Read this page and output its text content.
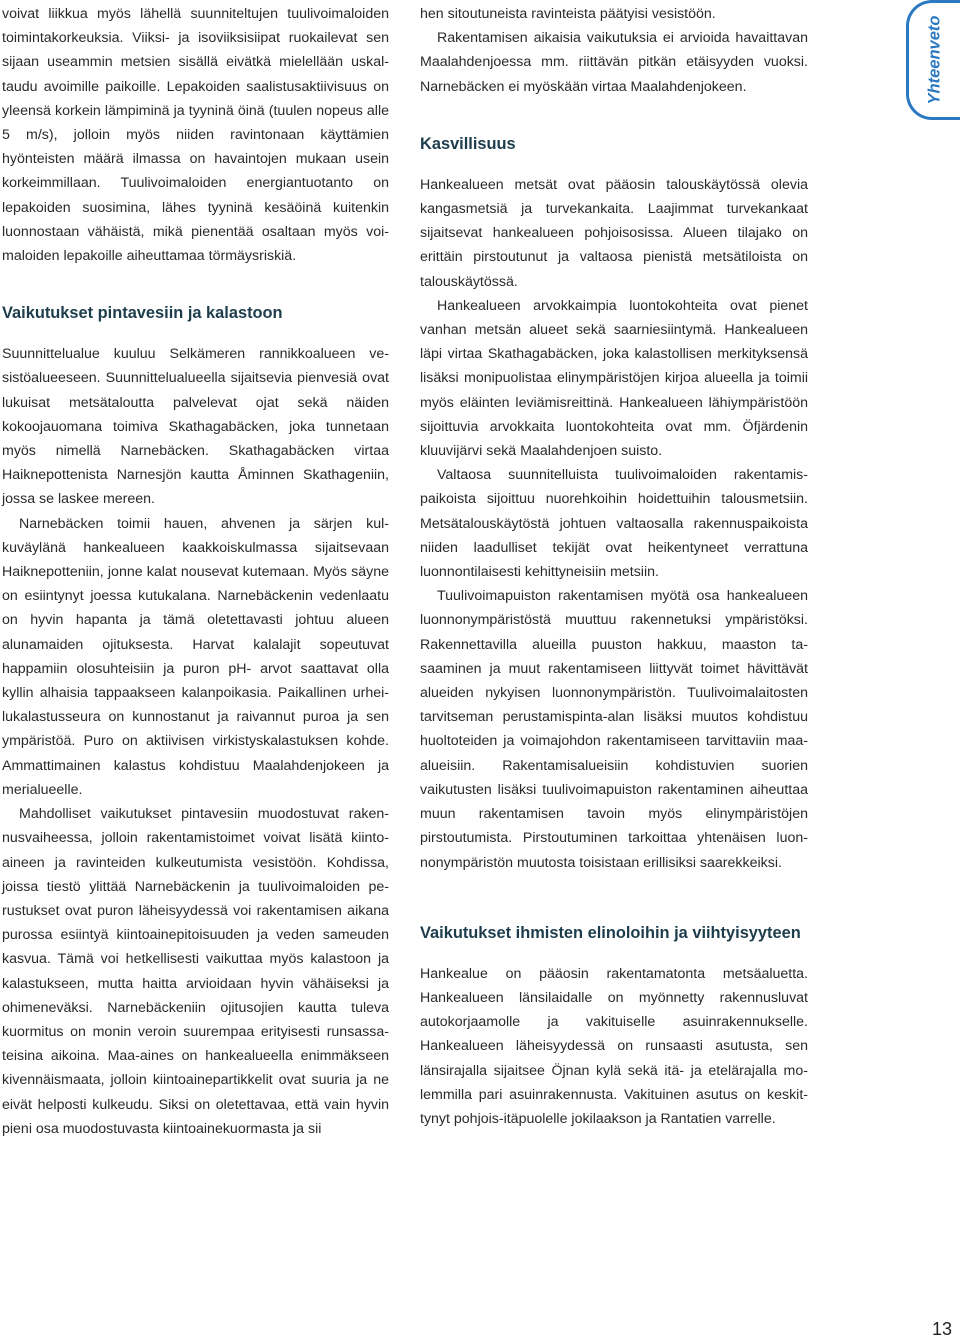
voivat liikkua myös lähellä suunniteltujen tuulivoimaloiden toimintakorkeuksia. Viiksi- ja isoviiksisiipat ruokailevat sen sijaan useammin metsien sisällä eivätkä mielellään uskaltaudu avoimille paikoille. Lepakoiden saalistusaktiivisuus on yleensä korkein lämpiminä ja tyyninä öinä (tuulen nopeus alle 5 m/s), jolloin myös niiden ravintonaan käyttämien hyönteisten määrä ilmassa on havaintojen mukaan usein korkeimmillaan. Tuulivoimaloiden energiantuotanto on lepakoiden suosimina, lähes tyyninä kesäöinä kuitenkin luonnostaan vähäistä, mikä pienentää osaltaan myös voimaloiden lepakoille aiheuttamaa törmäysriskiä.

Vaikutukset pintavesiin ja kalastoon

Suunnittelualue kuuluu Selkämeren rannikkoalueen vesistöalueeseen. Suunnittelualueella sijaitsevia pienvesiä ovat lukuisat metsätaloutta palvelevat ojat sekä näiden kokoojauomana toimiva Skathagabäcken, joka tunnetaan myös nimellä Narnebäcken. Skathagabäcken virtaa Haiknepottenista Narnesjön kautta Åminnen Skathageniin, jossa se laskee mereen.

Narnebäcken toimii hauen, ahvenen ja särjen kulkuväylänä hankealueen kaakkoiskulmassa sijaitsevaan Haiknepotteniin, jonne kalat nousevat kutemaan. Myös säyne on esiintynyt joessa kutukalana. Narnebäckenin vedenlaatu on hyvin hapanta ja tämä oletettavasti johtuu alueen alunamaiden ojituksesta. Harvat kalalajit sopeutuvat happamiin olosuhteisiin ja puron pH- arvot saattavat olla kyllin alhaisia tappaakseen kalanpoikasia. Paikallinen urheilukalastusseura on kunnostanut ja raivannut puroa ja sen ympäristöä. Puro on aktiivisen virkistyskalastuksen kohde. Ammattimainen kalastus kohdistuu Maalahdenjokeen ja merialueelle.

Mahdolliset vaikutukset pintavesiin muodostuvat rakennusvaiheessa, jolloin rakentamistoimet voivat lisätä kiintoaineen ja ravinteiden kulkeutumista vesistöön. Kohdissa, joissa tiestö ylittää Narnebäckenin ja tuulivoimaloiden perustukset ovat puron läheisyydessä voi rakentamisen aikana purossa esiintyä kiintoainepitoisuuden ja veden sameuden kasvua. Tämä voi hetkellisesti vaikuttaa myös kalastoon ja kalastukseen, mutta haitta arvioidaan hyvin vähäiseksi ja ohimeneväksi. Narnebäckeniin ojitusojien kautta tuleva kuormitus on monin veroin suurempaa erityisesti runsassateisina aikoina. Maa-aines on hankealueella enimmäkseen kivennäismaata, jolloin kiintoainepartikkelit ovat suuria ja ne eivät helposti kulkeudu. Siksi on oletettavaa, että vain hyvin pieni osa muodostuvasta kiintoainekuormasta ja sii

hen sitoutuneista ravinteista päätyisi vesistöön.

Rakentamisen aikaisia vaikutuksia ei arvioida havaittavan Maalahdenjoessa mm. riittävän pitkän etäisyyden vuoksi. Narnebäcken ei myöskään virtaa Maalahdenjokeen.

Kasvillisuus

Hankealueen metsät ovat pääosin talouskäytössä olevia kangasmetsiä ja turvekankaita. Laajimmat turvekankaat sijaitsevat hankealueen pohjoisosissa. Alueen tilajako on erittäin pirstoutunut ja valtaosa pienistä metsätiloista on talouskäytössä.

Hankealueen arvokkaimpia luontokohteita ovat pienet vanhan metsän alueet sekä saarniesiintymä. Hankealueen läpi virtaa Skathagabäcken, joka kalastollisen merkityksensä lisäksi monipuolistaa elinympäristöjen kirjoa alueella ja toimii myös eläinten leviämisreittinä. Hankealueen lähiympäristöön sijoittuvia arvokkaita luontokohteita ovat mm. Öfjärdenin kluuvijärvi sekä Maalahdenjoen suisto.

Valtaosa suunnitelluista tuulivoimaloiden rakentamispaikoista sijoittuu nuorehkoihin hoidettuihin talousmetsiin. Metsätalouskäytöstä johtuen valtaosalla rakennuspaikoista niiden laadulliset tekijät ovat heikentyneet verrattuna luonnontilaisesti kehittyneisiin metsiin.

Tuulivoimapuiston rakentamisen myötä osa hankealueen luonnonympäristöstä muuttuu rakennetuksi ympäristöksi. Rakennettavilla alueilla puuston hakkuu, maaston tasaaminen ja muut rakentamiseen liittyvät toimet hävittävät alueiden nykyisen luonnonympäristön. Tuulivoimalaitosten tarvitseman perustamispinta-alan lisäksi muutos kohdistuu huoltoteiden ja voimajohdon rakentamiseen tarvittaviin maa-alueisiin. Rakentamisalueisiin kohdistuvien suorien vaikutusten lisäksi tuulivoimapuiston rakentaminen aiheuttaa muun rakentamisen tavoin myös elinympäristöjen pirstoutumista. Pirstoutuminen tarkoittaa yhtenäisen luonnonympäristön muutosta toisistaan erillisiksi saarekkeiksi.

Vaikutukset ihmisten elinoloihin ja viihtyisyyteen

Hankealue on pääosin rakentamatonta metsäaluetta. Hankealueen länsilaidalle on myönnetty rakennusluvat autokorjaamolle ja vakituiselle asuinrakennukselle. Hankealueen läheisyydessä on runsaasti asutusta, sen länsirajalla sijaitsee Öjnan kylä sekä itä- ja etelärajalla molemmilla pari asuinrakennusta. Vakituinen asutus on keskittynyt pohjois-itäpuolelle jokilaakson ja Rantatien varrelle.

Yhteenveto
13
